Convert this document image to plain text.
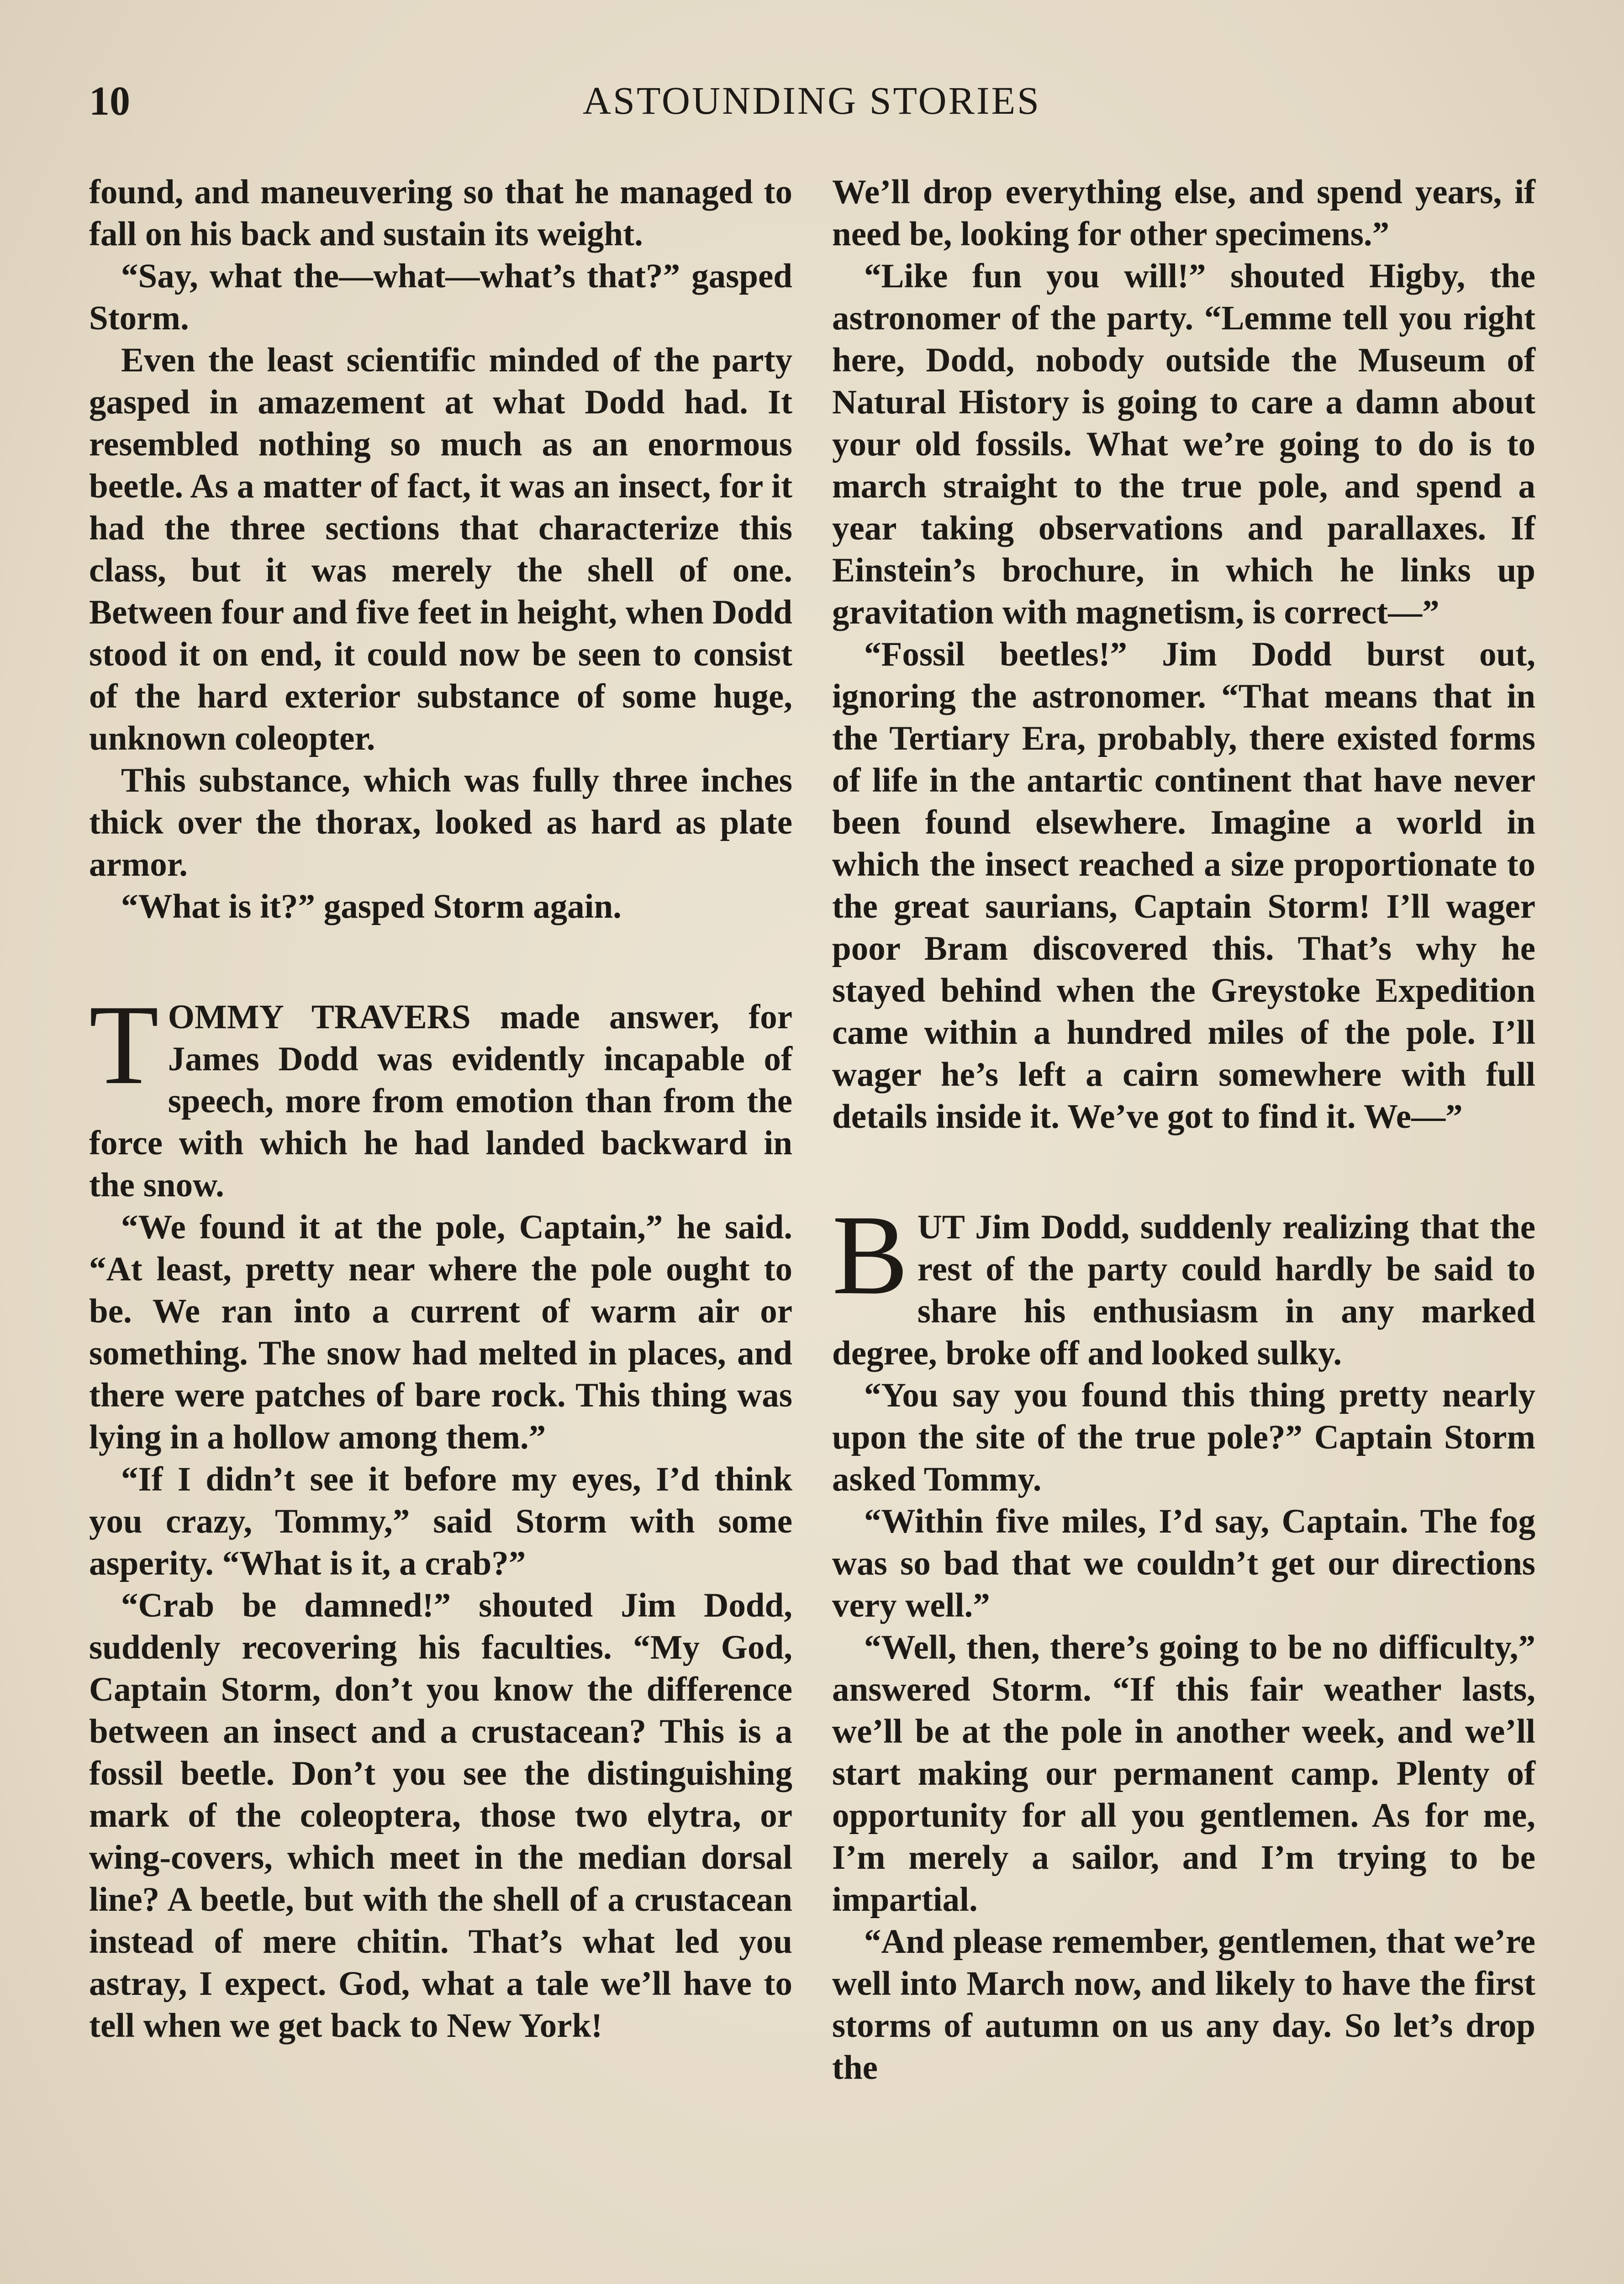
10	ASTOUNDING STORIES

found, and maneuvering so that he managed to fall on his back and sustain its weight.

“Say, what the—what—what’s that?” gasped Storm.

Even the least scientific minded of the party gasped in amazement at what Dodd had. It resembled nothing so much as an enormous beetle. As a matter of fact, it was an insect, for it had the three sections that characterize this class, but it was merely the shell of one. Between four and five feet in height, when Dodd stood it on end, it could now be seen to consist of the hard exterior substance of some huge, unknown coleopter.

This substance, which was fully three inches thick over the thorax, looked as hard as plate armor.

“What is it?” gasped Storm again.

TOMMY TRAVERS made answer, for James Dodd was evidently incapable of speech, more from emotion than from the force with which he had landed backward in the snow.

“We found it at the pole, Captain,” he said. “At least, pretty near where the pole ought to be. We ran into a current of warm air or something. The snow had melted in places, and there were patches of bare rock. This thing was lying in a hollow among them.”

“If I didn’t see it before my eyes, I’d think you crazy, Tommy,” said Storm with some asperity. “What is it, a crab?”

“Crab be damned!” shouted Jim Dodd, suddenly recovering his faculties. “My God, Captain Storm, don’t you know the difference between an insect and a crustacean? This is a fossil beetle. Don’t you see the distinguishing mark of the coleoptera, those two elytra, or wing-covers, which meet in the median dorsal line? A beetle, but with the shell of a crustacean instead of mere chitin. That’s what led you astray, I expect. God, what a tale we’ll have to tell when we get back to New York!

We’ll drop everything else, and spend years, if need be, looking for other specimens.”

“Like fun you will!” shouted Higby, the astronomer of the party. “Lemme tell you right here, Dodd, nobody outside the Museum of Natural History is going to care a damn about your old fossils. What we’re going to do is to march straight to the true pole, and spend a year taking observations and parallaxes. If Einstein’s brochure, in which he links up gravitation with magnetism, is correct—”

“Fossil beetles!” Jim Dodd burst out, ignoring the astronomer. “That means that in the Tertiary Era, probably, there existed forms of life in the antartic continent that have never been found elsewhere. Imagine a world in which the insect reached a size proportionate to the great saurians, Captain Storm! I’ll wager poor Bram discovered this. That’s why he stayed behind when the Greystoke Expedition came within a hundred miles of the pole. I’ll wager he’s left a cairn somewhere with full details inside it. We’ve got to find it. We—”

BUT Jim Dodd, suddenly realizing that the rest of the party could hardly be said to share his enthusiasm in any marked degree, broke off and looked sulky.

“You say you found this thing pretty nearly upon the site of the true pole?” Captain Storm asked Tommy.

“Within five miles, I’d say, Captain. The fog was so bad that we couldn’t get our directions very well.”

“Well, then, there’s going to be no difficulty,” answered Storm. “If this fair weather lasts, we’ll be at the pole in another week, and we’ll start making our permanent camp. Plenty of opportunity for all you gentlemen. As for me, I’m merely a sailor, and I’m trying to be impartial.

“And please remember, gentlemen, that we’re well into March now, and likely to have the first storms of autumn on us any day. So let’s drop the
